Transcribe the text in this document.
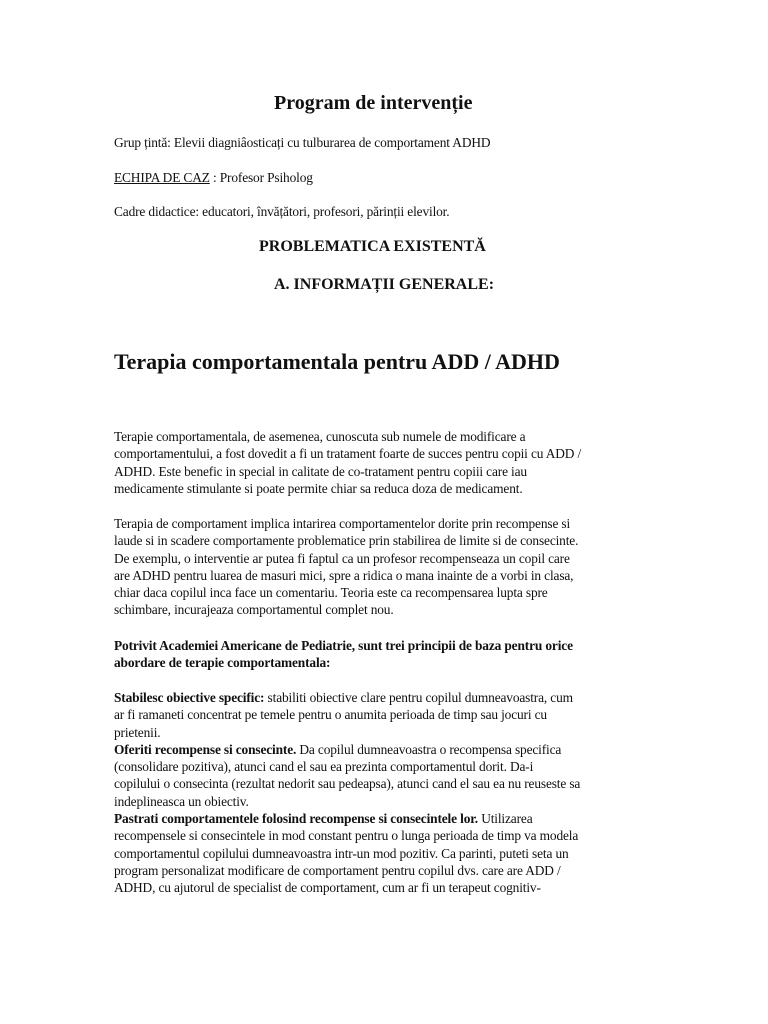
Program de intervenție

Grup țintă: Elevii diagniâosticați cu tulburarea de comportament ADHD

ECHIPA DE CAZ : Profesor Psiholog

Cadre didactice: educatori, învățători, profesori, părinții elevilor.

PROBLEMATICA EXISTENTĂ
A. INFORMAȚII GENERALE:
Terapia comportamentala pentru ADD / ADHD
Terapie comportamentala, de asemenea, cunoscuta sub numele de modificare a
comportamentului, a fost dovedit a fi un tratament foarte de succes pentru copii cu ADD /
ADHD. Este benefic in special in calitate de co-tratament pentru copiii care iau
medicamente stimulante si poate permite chiar sa reduca doza de medicament.
Terapia de comportament implica intarirea comportamentelor dorite prin recompense si
laude si in scadere comportamente problematice prin stabilirea de limite si de consecinte.
De exemplu, o interventie ar putea fi faptul ca un profesor recompenseaza un copil care
are ADHD pentru luarea de masuri mici, spre a ridica o mana inainte de a vorbi in clasa,
chiar daca copilul inca face un comentariu. Teoria este ca recompensarea lupta spre
schimbare, incurajeaza comportamentul complet nou.
Potrivit Academiei Americane de Pediatrie, sunt trei principii de baza pentru orice
abordare de terapie comportamentala:
Stabilesc obiective specific: stabiliti obiective clare pentru copilul dumneavoastra, cum
ar fi ramaneti concentrat pe temele pentru o anumita perioada de timp sau jocuri cu
prietenii.
Oferiti recompense si consecinte. Da copilul dumneavoastra o recompensa specifica
(consolidare pozitiva), atunci cand el sau ea prezinta comportamentul dorit. Da-i
copilului o consecinta (rezultat nedorit sau pedeapsa), atunci cand el sau ea nu reuseste sa
indeplineasca un obiectiv.
Pastrati comportamentele folosind recompense si consecintele lor. Utilizarea
recompensele si consecintele in mod constant pentru o lunga perioada de timp va modela
comportamentul copilului dumneavoastra intr-un mod pozitiv. Ca parinti, puteti seta un
program personalizat modificare de comportament pentru copilul dvs. care are ADD /
ADHD, cu ajutorul de specialist de comportament, cum ar fi un terapeut cognitiv-
